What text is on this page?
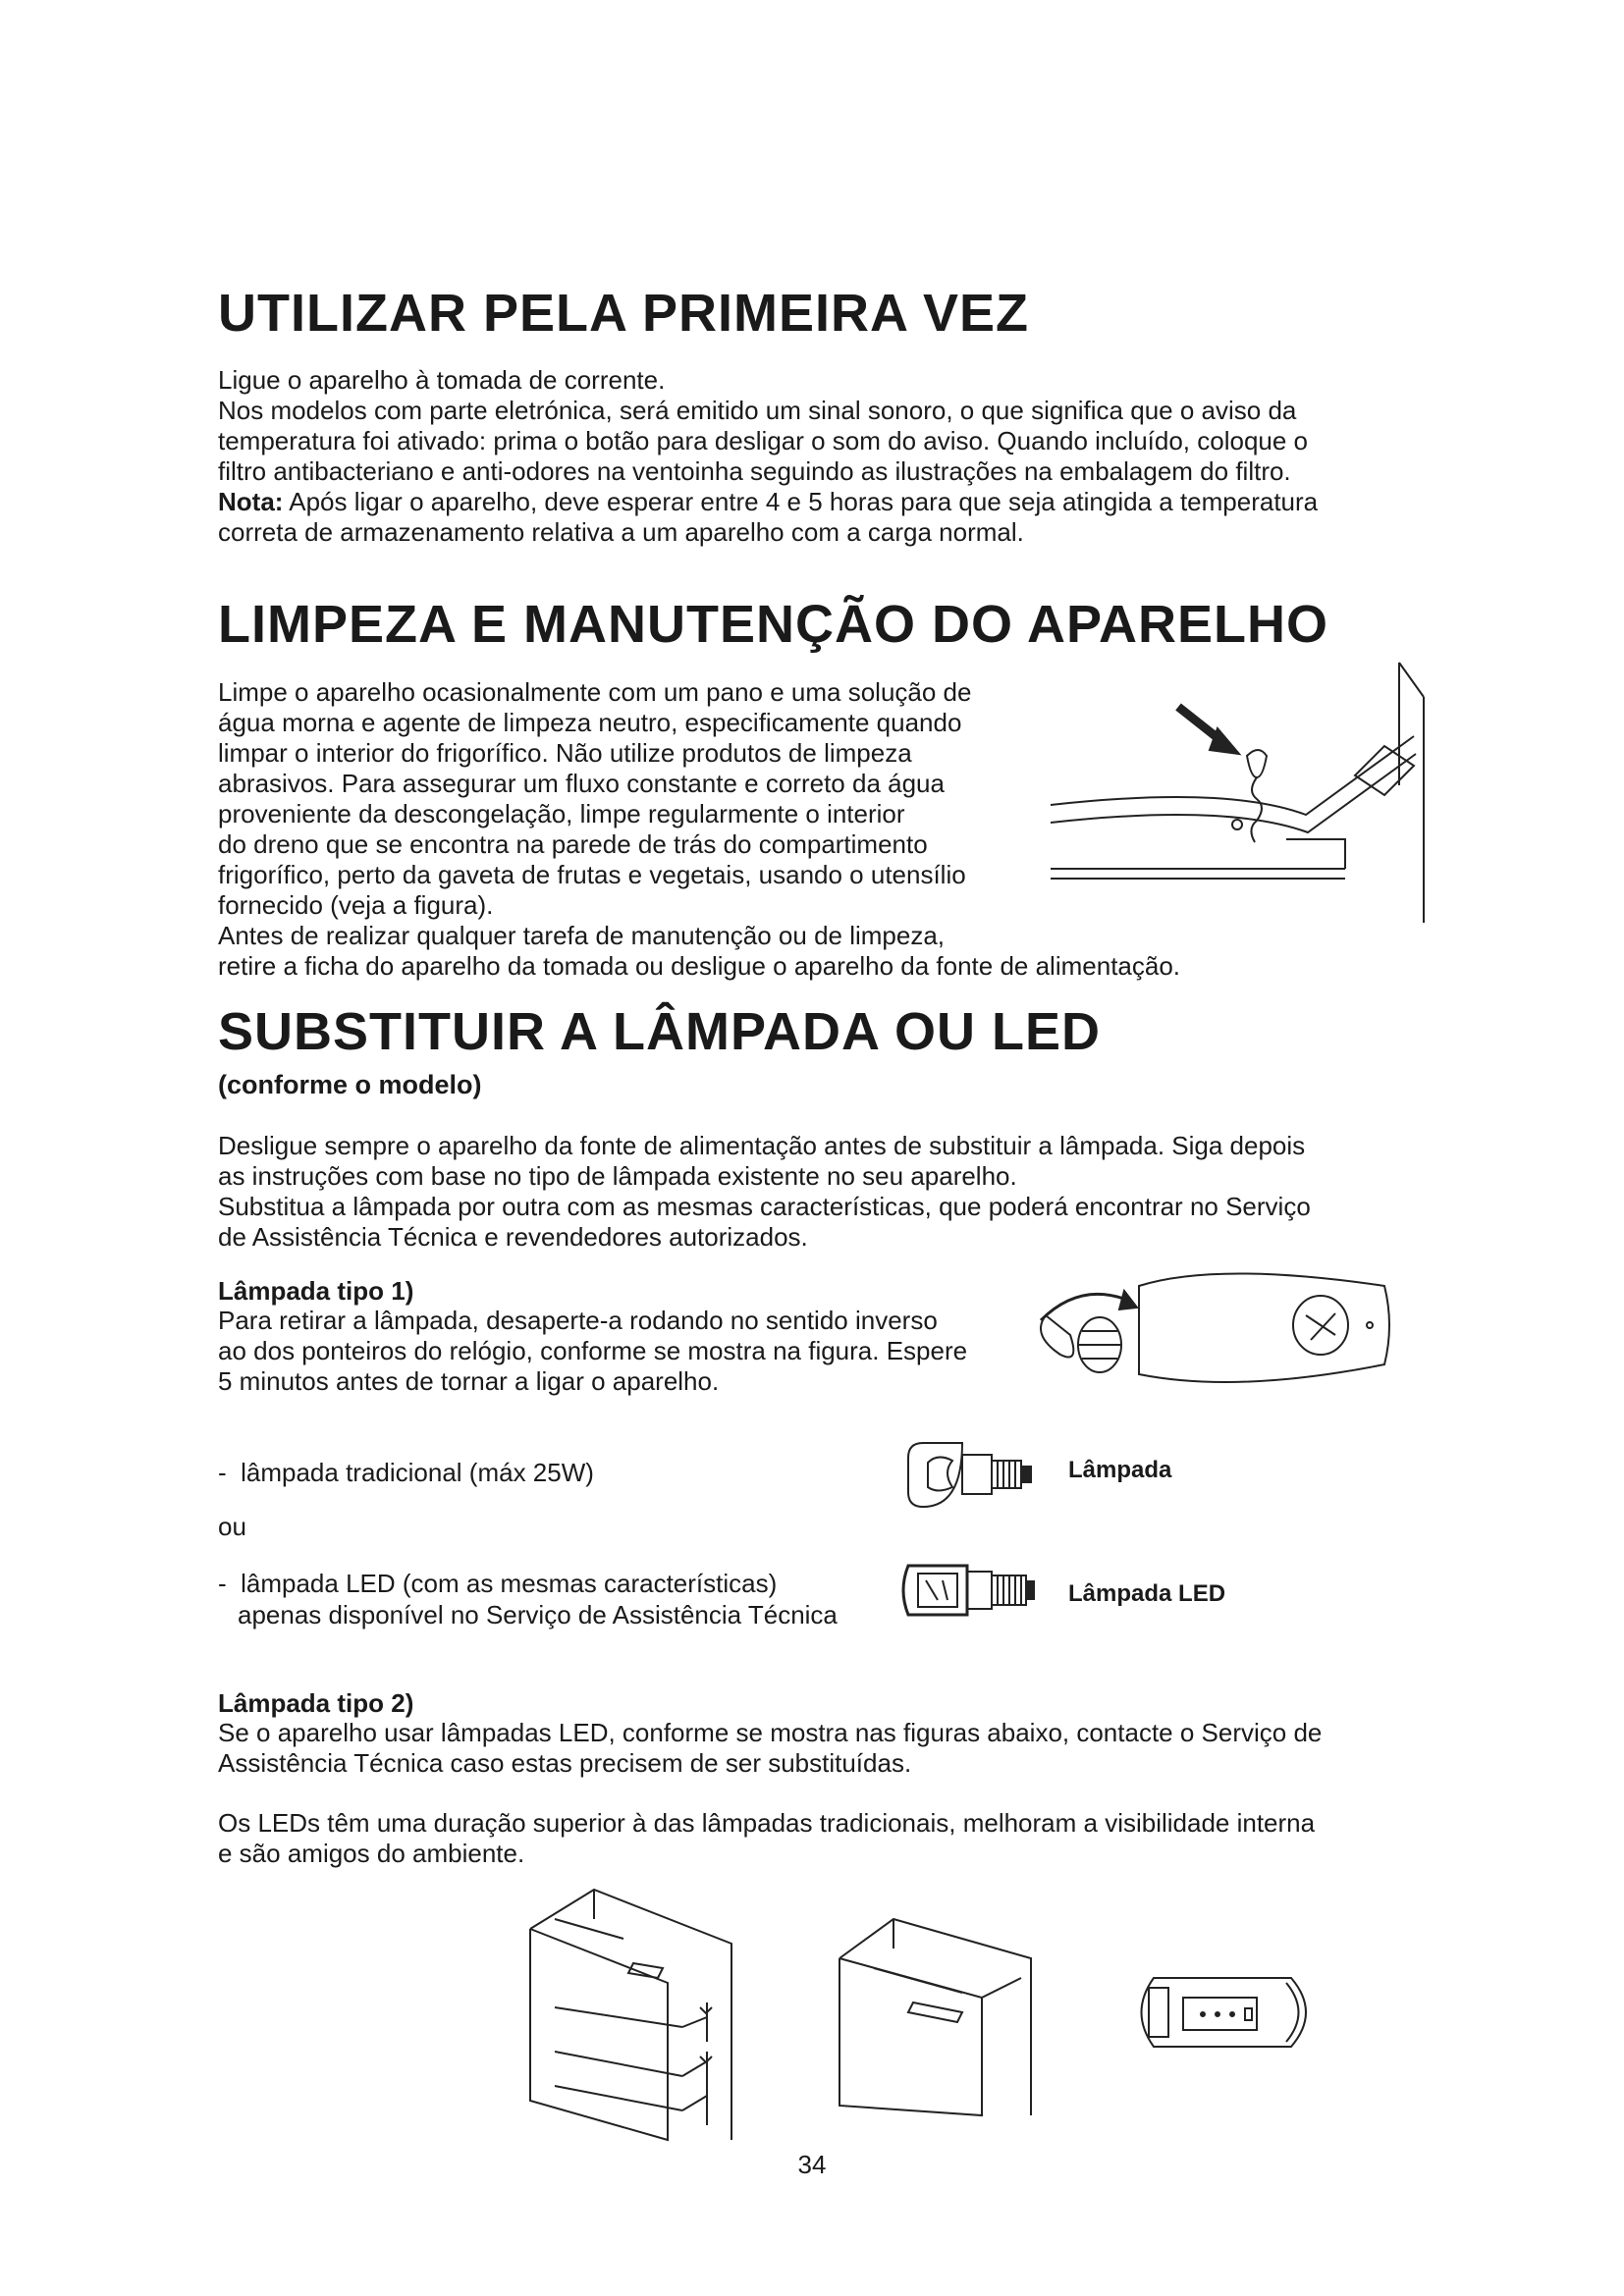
UTILIZAR PELA PRIMEIRA VEZ

Ligue o aparelho à tomada de corrente.

Nos modelos com parte eletrónica, será emitido um sinal sonoro, o que significa que o aviso da

temperatura foi ativado: prima o botão para desligar o som do aviso. Quando incluído, coloque o

filtro antibacteriano e anti-odores na ventoinha seguindo as ilustrações na embalagem do filtro.

Nota: Após ligar o aparelho, deve esperar entre 4 e 5 horas para que seja atingida a temperatura

correta de armazenamento relativa a um aparelho com a carga normal.

LIMPEZA E MANUTENÇÃO DO APARELHO

Limpe o aparelho ocasionalmente com um pano e uma solução de

água morna e agente de limpeza neutro, especificamente quando

limpar o interior do frigorífico. Não utilize produtos de limpeza

abrasivos. Para assegurar um fluxo constante e correto da água

proveniente da descongelação, limpe regularmente o interior

do dreno que se encontra na parede de trás do compartimento

frigorífico, perto da gaveta de frutas e vegetais, usando o utensílio

fornecido (veja a figura).

Antes de realizar qualquer tarefa de manutenção ou de limpeza,

retire a ficha do aparelho da tomada ou desligue o aparelho da fonte de alimentação.

SUBSTITUIR A LÂMPADA OU LED
(conforme o modelo)

Desligue sempre o aparelho da fonte de alimentação antes de substituir a lâmpada. Siga depois

as instruções com base no tipo de lâmpada existente no seu aparelho.

Substitua a lâmpada por outra com as mesmas características, que poderá encontrar no Serviço

de Assistência Técnica e revendedores autorizados.

Lâmpada tipo 1)

Para retirar a lâmpada, desaperte-a rodando no sentido inverso

ao dos ponteiros do relógio, conforme se mostra na figura. Espere

5 minutos antes de tornar a ligar o aparelho.

-  lâmpada tradicional (máx 25W)	Lâmpada

ou

-  lâmpada LED (com as mesmas características)

apenas disponível no Serviço de Assistência Técnica

Lâmpada LED
Lâmpada tipo 2)

Se o aparelho usar lâmpadas LED, conforme se mostra nas figuras abaixo, contacte o Serviço de

Assistência Técnica caso estas precisem de ser substituídas.

Os LEDs têm uma duração superior à das lâmpadas tradicionais, melhoram a visibilidade interna

e são amigos do ambiente.

34
